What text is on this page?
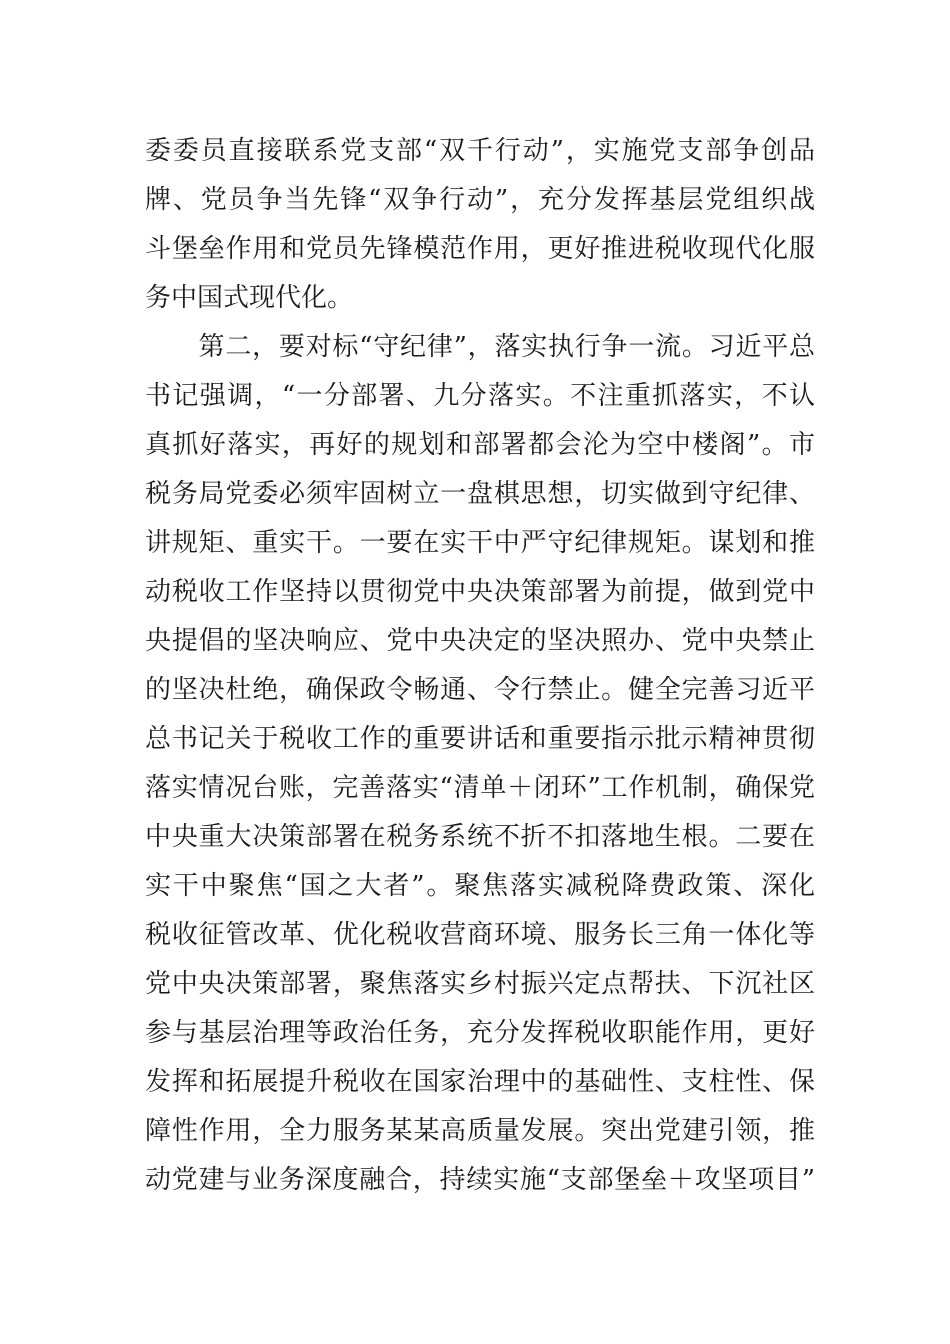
委委员直接联系党支部“双千行动”，实施党支部争创品
牌、党员争当先锋“双争行动”，充分发挥基层党组织战
斗堡垒作用和党员先锋模范作用，更好推进税收现代化服
务中国式现代化。
　　第二，要对标“守纪律”，落实执行争一流。习近平总
书记强调，“一分部署、九分落实。不注重抓落实，不认
真抓好落实，再好的规划和部署都会沦为空中楼阁”。市
税务局党委必须牢固树立一盘棋思想，切实做到守纪律、
讲规矩、重实干。一要在实干中严守纪律规矩。谋划和推
动税收工作坚持以贯彻党中央决策部署为前提，做到党中
央提倡的坚决响应、党中央决定的坚决照办、党中央禁止
的坚决杜绝，确保政令畅通、令行禁止。健全完善习近平
总书记关于税收工作的重要讲话和重要指示批示精神贯彻
落实情况台账，完善落实“清单＋闭环”工作机制，确保党
中央重大决策部署在税务系统不折不扣落地生根。二要在
实干中聚焦“国之大者”。聚焦落实减税降费政策、深化
税收征管改革、优化税收营商环境、服务长三角一体化等
党中央决策部署，聚焦落实乡村振兴定点帮扶、下沉社区
参与基层治理等政治任务，充分发挥税收职能作用，更好
发挥和拓展提升税收在国家治理中的基础性、支柱性、保
障性作用，全力服务某某高质量发展。突出党建引领，推
动党建与业务深度融合，持续实施“支部堡垒＋攻坚项目”
